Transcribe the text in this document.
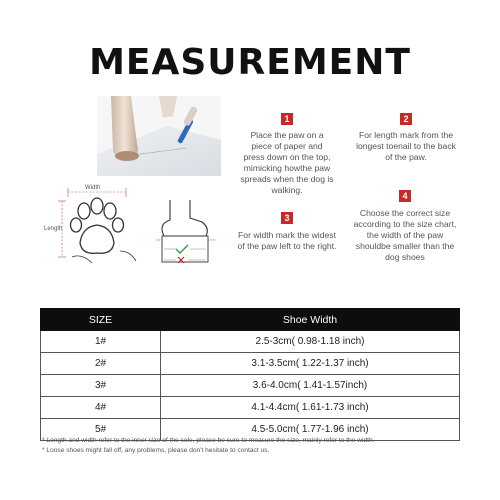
MEASUREMENT
Width
Length
1
Place the paw on a piece of paper and press down on the top, mimicking howthe paw spreads when the dog is walking.
2
For length mark from the longest toenail to the back of the paw.
3
For width mark the widest of the paw left to the right.
4
Choose the correct size according to the size chart, the width of the paw shouldbe smaller than the dog shoes
SIZE	Shoe Width
1#	2.5-3cm( 0.98-1.18 inch)
2#	3.1-3.5cm( 1.22-1.37 inch)
3#	3.6-4.0cm( 1.41-1.57inch)
4#	4.1-4.4cm( 1.61-1.73 inch)
5#	4.5-5.0cm( 1.77-1.96 inch)
* Length and width refer to the inner size of the sole, please be sure to measure the size, mainly refer to the width.
* Loose shoes might fall off, any problems, please don't hesitate to contact us.
